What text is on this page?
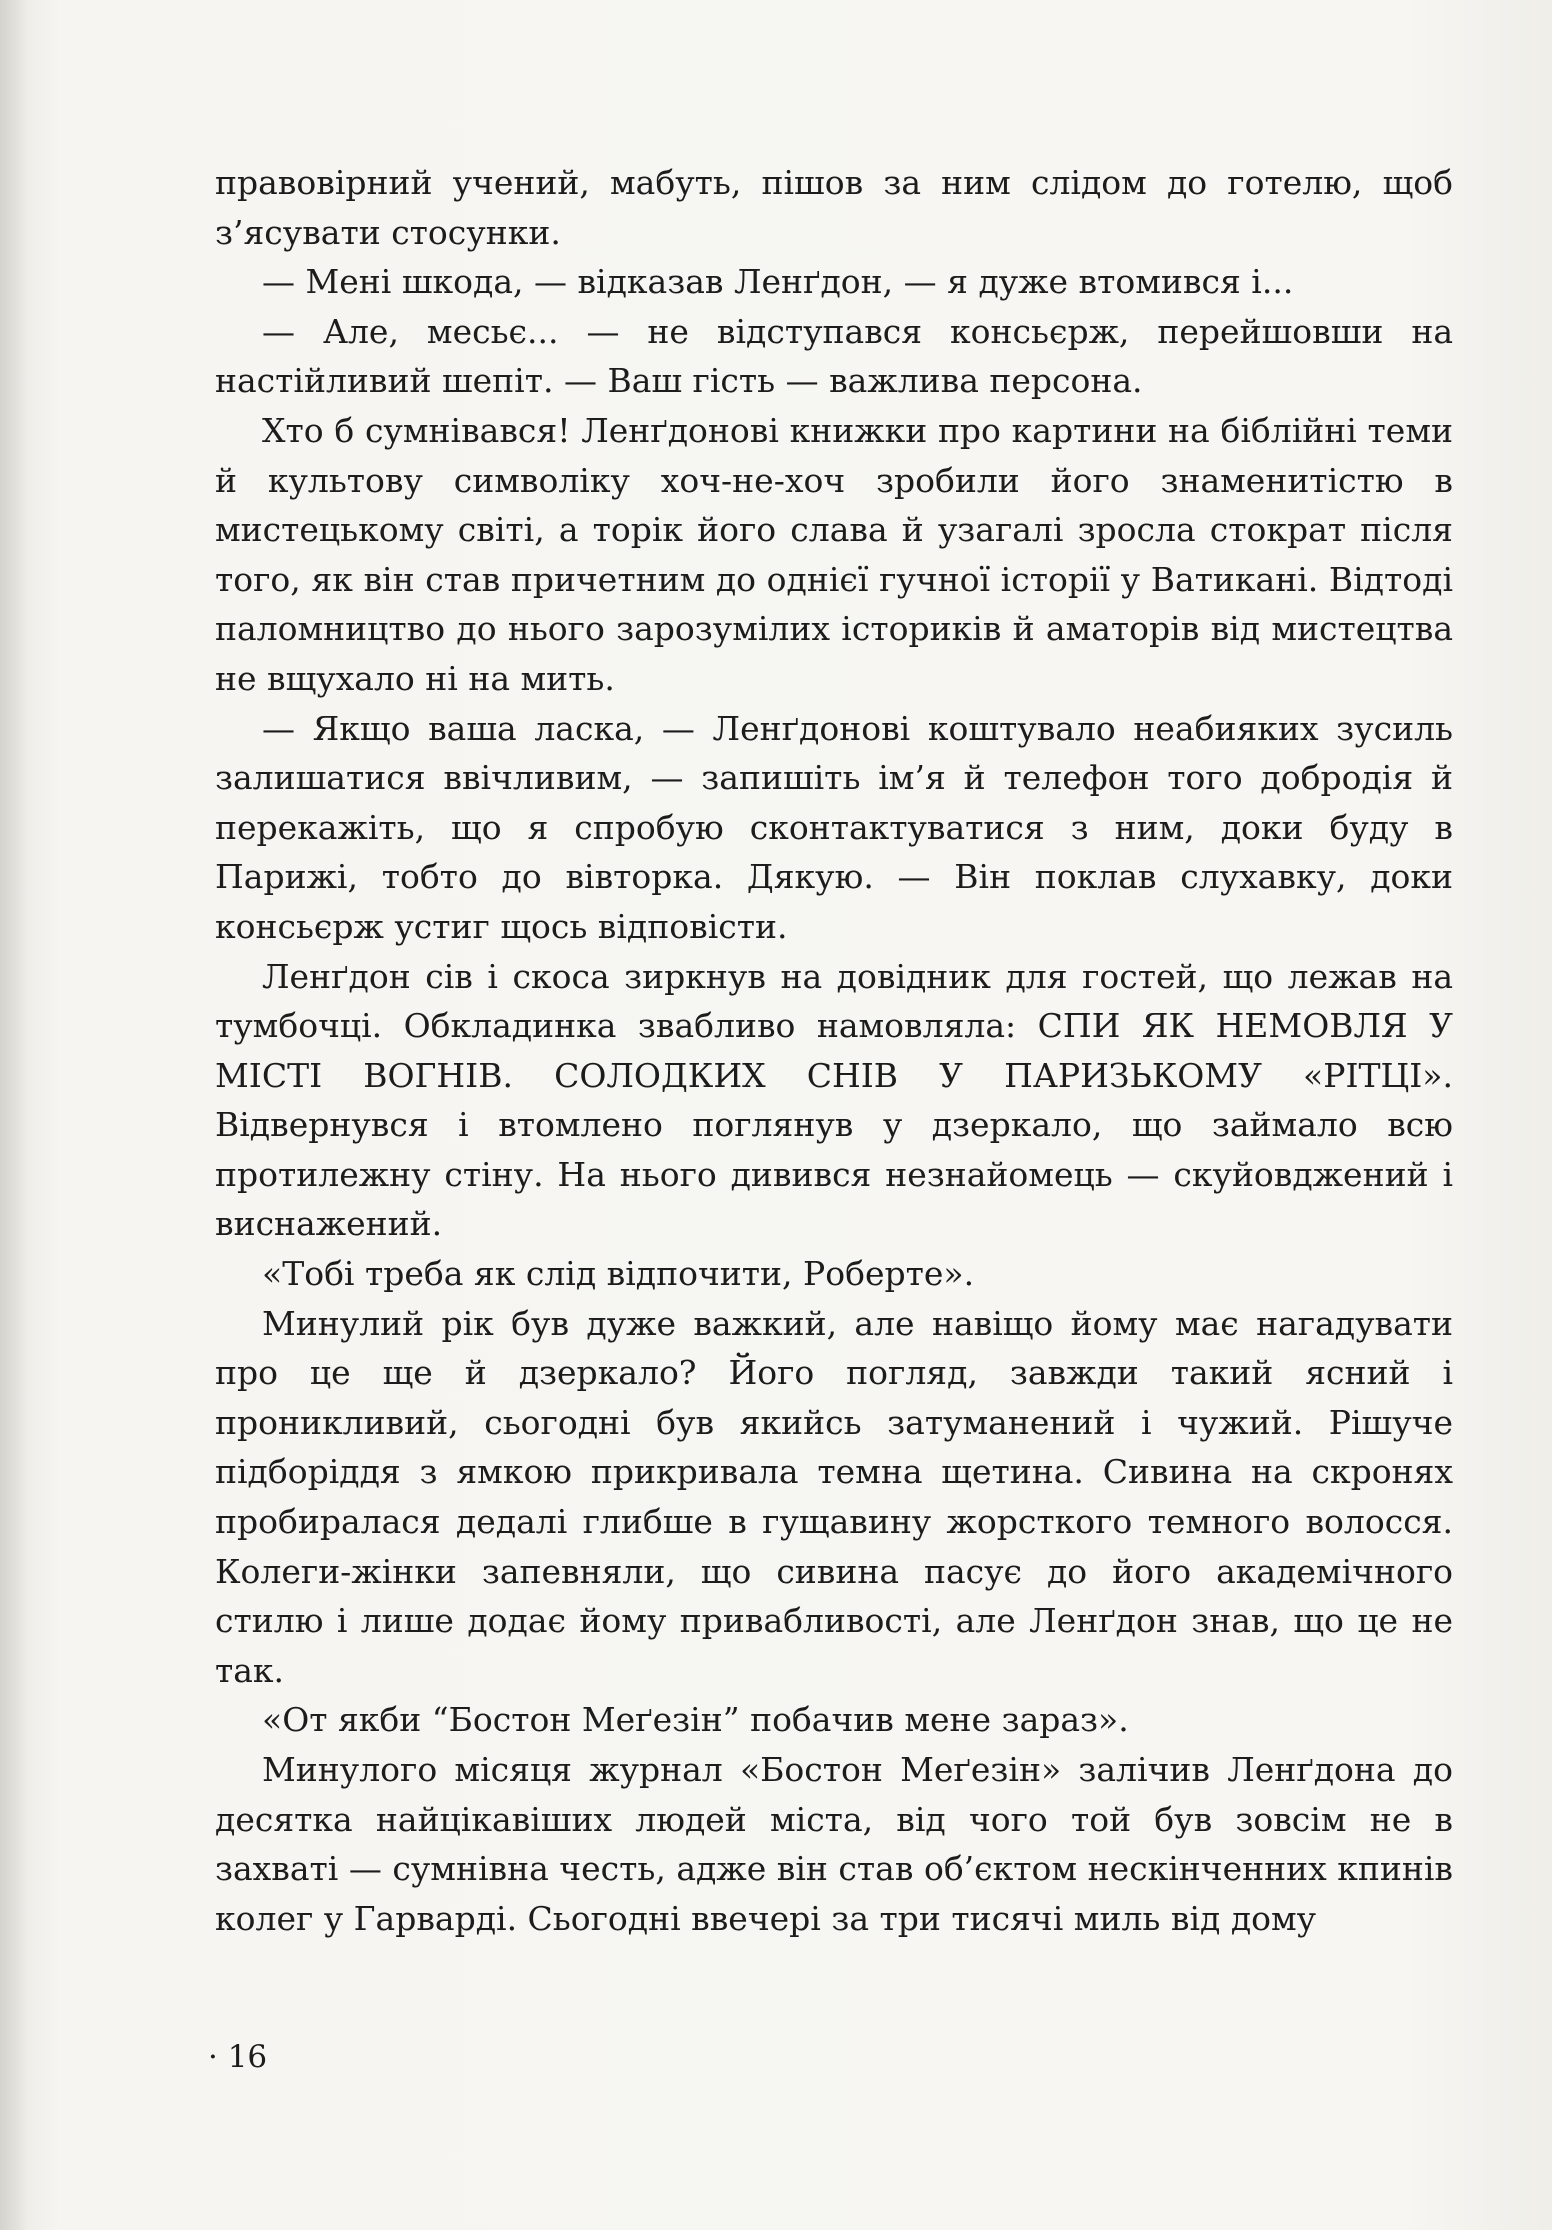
правовірний учений, мабуть, пішов за ним слідом до готелю, щоб з’ясувати стосунки.

— Мені шкода, — відказав Ленґдон, — я дуже втомився і...

— Але, месьє... — не відступався консьєрж, перейшовши на настійливий шепіт. — Ваш гість — важлива персона.

Хто б сумнівався! Ленґдонові книжки про картини на біблійні теми й культову символіку хоч-не-хоч зробили його знаменитістю в мистецькому світі, а торік його слава й узагалі зросла стократ після того, як він став причетним до однієї гучної історії у Ватикані. Відтоді паломництво до нього зарозумілих істориків й аматорів від мистецтва не вщухало ні на мить.

— Якщо ваша ласка, — Ленґдонові коштувало неабияких зусиль залишатися ввічливим, — запишіть ім’я й телефон того добродія й перекажіть, що я спробую сконтактуватися з ним, доки буду в Парижі, тобто до вівторка. Дякую. — Він поклав слухавку, доки консьєрж устиг щось відповісти.

Ленґдон сів і скоса зиркнув на довідник для гостей, що лежав на тумбочці. Обкладинка звабливо намовляла: СПИ ЯК НЕМОВЛЯ У МІСТІ ВОГНІВ. СОЛОДКИХ СНІВ У ПАРИЗЬКОМУ «РІТЦІ». Відвернувся і втомлено поглянув у дзеркало, що займало всю протилежну стіну. На нього дивився незнайомець — скуйовджений і виснажений.

«Тобі треба як слід відпочити, Роберте».

Минулий рік був дуже важкий, але навіщо йому має нагадувати про це ще й дзеркало? Його погляд, завжди такий ясний і проникливий, сьогодні був якийсь затуманений і чужий. Рішуче підборіддя з ямкою прикривала темна щетина. Сивина на скронях пробиралася дедалі глибше в гущавину жорсткого темного волосся. Колеги-жінки запевняли, що сивина пасує до його академічного стилю і лише додає йому привабливості, але Ленґдон знав, що це не так.

«От якби “Бостон Меґезін” побачив мене зараз».

Минулого місяця журнал «Бостон Меґезін» залічив Ленґдона до десятка найцікавіших людей міста, від чого той був зовсім не в захваті — сумнівна честь, адже він став об’єктом нескінченних кпинів колег у Гарварді. Сьогодні ввечері за три тисячі миль від дому

· 16
